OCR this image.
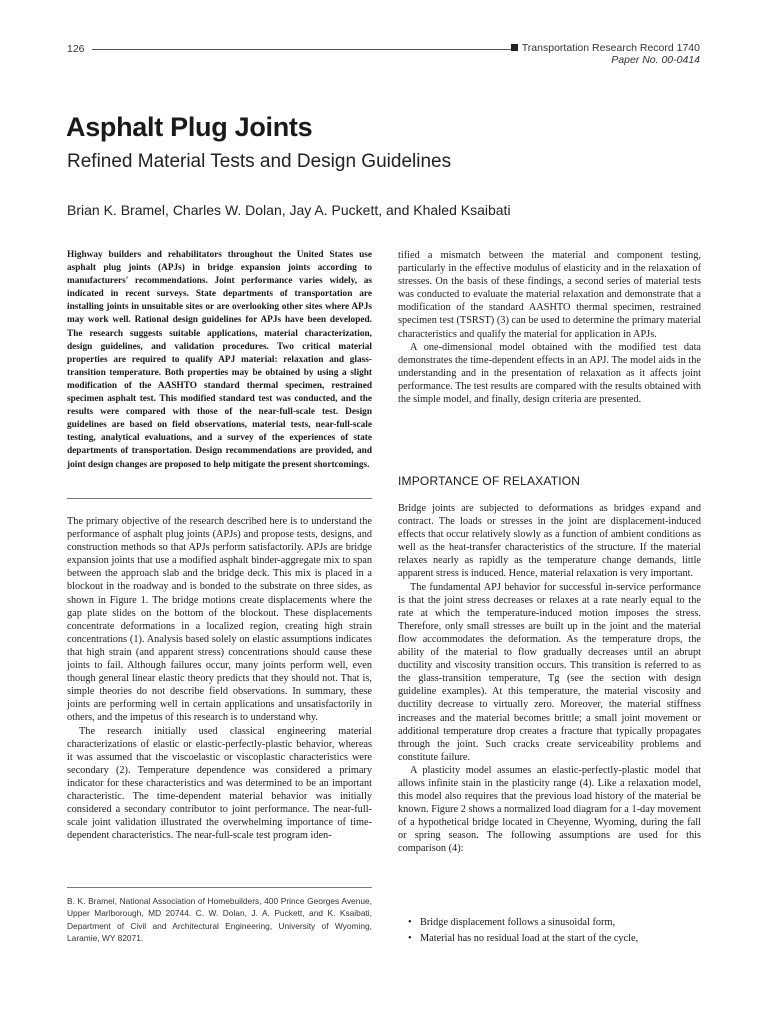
126	Transportation Research Record 1740
Paper No. 00-0414
Asphalt Plug Joints
Refined Material Tests and Design Guidelines

Brian K. Bramel, Charles W. Dolan, Jay A. Puckett, and Khaled Ksaibati

Highway builders and rehabilitators throughout the United States use asphalt plug joints (APJs) in bridge expansion joints according to manufacturers' recommendations. Joint performance varies widely, as indicated in recent surveys. State departments of transportation are installing joints in unsuitable sites or are overlooking other sites where APJs may work well. Rational design guidelines for APJs have been developed. The research suggests suitable applications, material characterization, design guidelines, and validation procedures. Two critical material properties are required to qualify APJ material: relaxation and glass-transition temperature. Both properties may be obtained by using a slight modification of the AASHTO standard thermal specimen, restrained specimen asphalt test. This modified standard test was conducted, and the results were compared with those of the near-full-scale test. Design guidelines are based on field observations, material tests, near-full-scale testing, analytical evaluations, and a survey of the experiences of state departments of transportation. Design recommendations are provided, and joint design changes are proposed to help mitigate the present shortcomings.

The primary objective of the research described here is to understand the performance of asphalt plug joints (APJs) and propose tests, designs, and construction methods so that APJs perform satisfactorily. APJs are bridge expansion joints that use a modified asphalt binder-aggregate mix to span between the approach slab and the bridge deck. This mix is placed in a blockout in the roadway and is bonded to the substrate on three sides, as shown in Figure 1. The bridge motions create displacements where the gap plate slides on the bottom of the blockout. These displacements concentrate deformations in a localized region, creating high strain concentrations (1). Analysis based solely on elastic assumptions indicates that high strain (and apparent stress) concentrations should cause these joints to fail. Although failures occur, many joints perform well, even though general linear elastic theory predicts that they should not. That is, simple theories do not describe field observations. In summary, these joints are performing well in certain applications and unsatisfactorily in others, and the impetus of this research is to understand why.

The research initially used classical engineering material characterizations of elastic or elastic-perfectly-plastic behavior, whereas it was assumed that the viscoelastic or viscoplastic characteristics were secondary (2). Temperature dependence was considered a primary indicator for these characteristics and was determined to be an important characteristic. The time-dependent material behavior was initially considered a secondary contributor to joint performance. The near-full-scale joint validation illustrated the overwhelming importance of time-dependent characteristics. The near-full-scale test program iden-

B. K. Bramel, National Association of Homebuilders, 400 Prince Georges Avenue, Upper Marlborough, MD 20744. C. W. Dolan, J. A. Puckett, and K. Ksaibati, Department of Civil and Architectural Engineering, University of Wyoming, Laramie, WY 82071.

tified a mismatch between the material and component testing, particularly in the effective modulus of elasticity and in the relaxation of stresses. On the basis of these findings, a second series of material tests was conducted to evaluate the material relaxation and demonstrate that a modification of the standard AASHTO thermal specimen, restrained specimen test (TSRST) (3) can be used to determine the primary material characteristics and qualify the material for application in APJs.

A one-dimensional model obtained with the modified test data demonstrates the time-dependent effects in an APJ. The model aids in the understanding and in the presentation of relaxation as it affects joint performance. The test results are compared with the results obtained with the simple model, and finally, design criteria are presented.

IMPORTANCE OF RELAXATION

Bridge joints are subjected to deformations as bridges expand and contract. The loads or stresses in the joint are displacement-induced effects that occur relatively slowly as a function of ambient conditions as well as the heat-transfer characteristics of the structure. If the material relaxes nearly as rapidly as the temperature change demands, little apparent stress is induced. Hence, material relaxation is very important.

The fundamental APJ behavior for successful in-service performance is that the joint stress decreases or relaxes at a rate nearly equal to the rate at which the temperature-induced motion imposes the stress. Therefore, only small stresses are built up in the joint and the material flow accommodates the deformation. As the temperature drops, the ability of the material to flow gradually decreases until an abrupt ductility and viscosity transition occurs. This transition is referred to as the glass-transition temperature, Tg (see the section with design guideline examples). At this temperature, the material viscosity and ductility decrease to virtually zero. Moreover, the material stiffness increases and the material becomes brittle; a small joint movement or additional temperature drop creates a fracture that typically propagates through the joint. Such cracks create serviceability problems and constitute failure.

A plasticity model assumes an elastic-perfectly-plastic model that allows infinite stain in the plasticity range (4). Like a relaxation model, this model also requires that the previous load history of the material be known. Figure 2 shows a normalized load diagram for a 1-day movement of a hypothetical bridge located in Cheyenne, Wyoming, during the fall or spring season. The following assumptions are used for this comparison (4):

• Bridge displacement follows a sinusoidal form,
• Material has no residual load at the start of the cycle,
